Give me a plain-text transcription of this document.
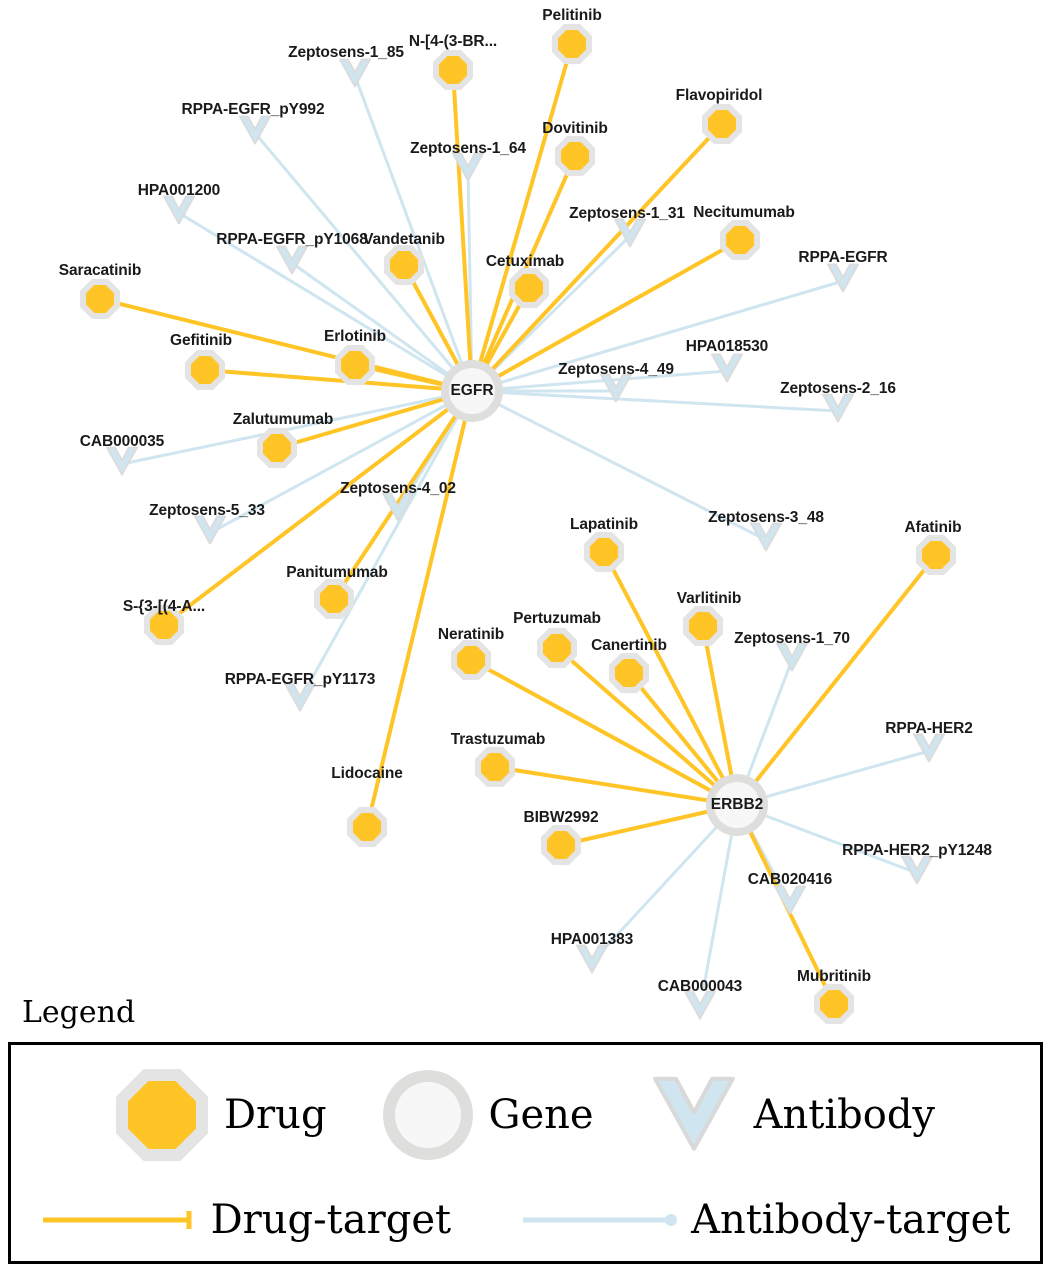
Zeptosens-1_85
RPPA-EGFR_pY992
Zeptosens-1_64
HPA001200
Zeptosens-1_31
RPPA-EGFR_pY1068
RPPA-EGFR
HPA018530
Zeptosens-4_49
Zeptosens-2_16
CAB000035
Zeptosens-5_33
Zeptosens-4_02
Zeptosens-3_48
RPPA-EGFR_pY1173
Zeptosens-1_70
RPPA-HER2
RPPA-HER2_pY1248
CAB020416
HPA001383
CAB000043
Pelitinib
N-[4-(3-BR...
Flavopiridol
Dovitinib
Vandetanib
Necitumumab
Cetuximab
Saracatinib
Gefitinib	Erlotinib
Zalutumumab
Panitumumab
S-{3-[(4-A...
Lidocaine
Afatinib
Lapatinib
Varlitinib
Pertuzumab
Canertinib
Neratinib
Trastuzumab
BIBW2992
Mubritinib
EGFR
ERBB2
Legend
Drug	Gene	Antibody
Drug-target	Antibody-target
